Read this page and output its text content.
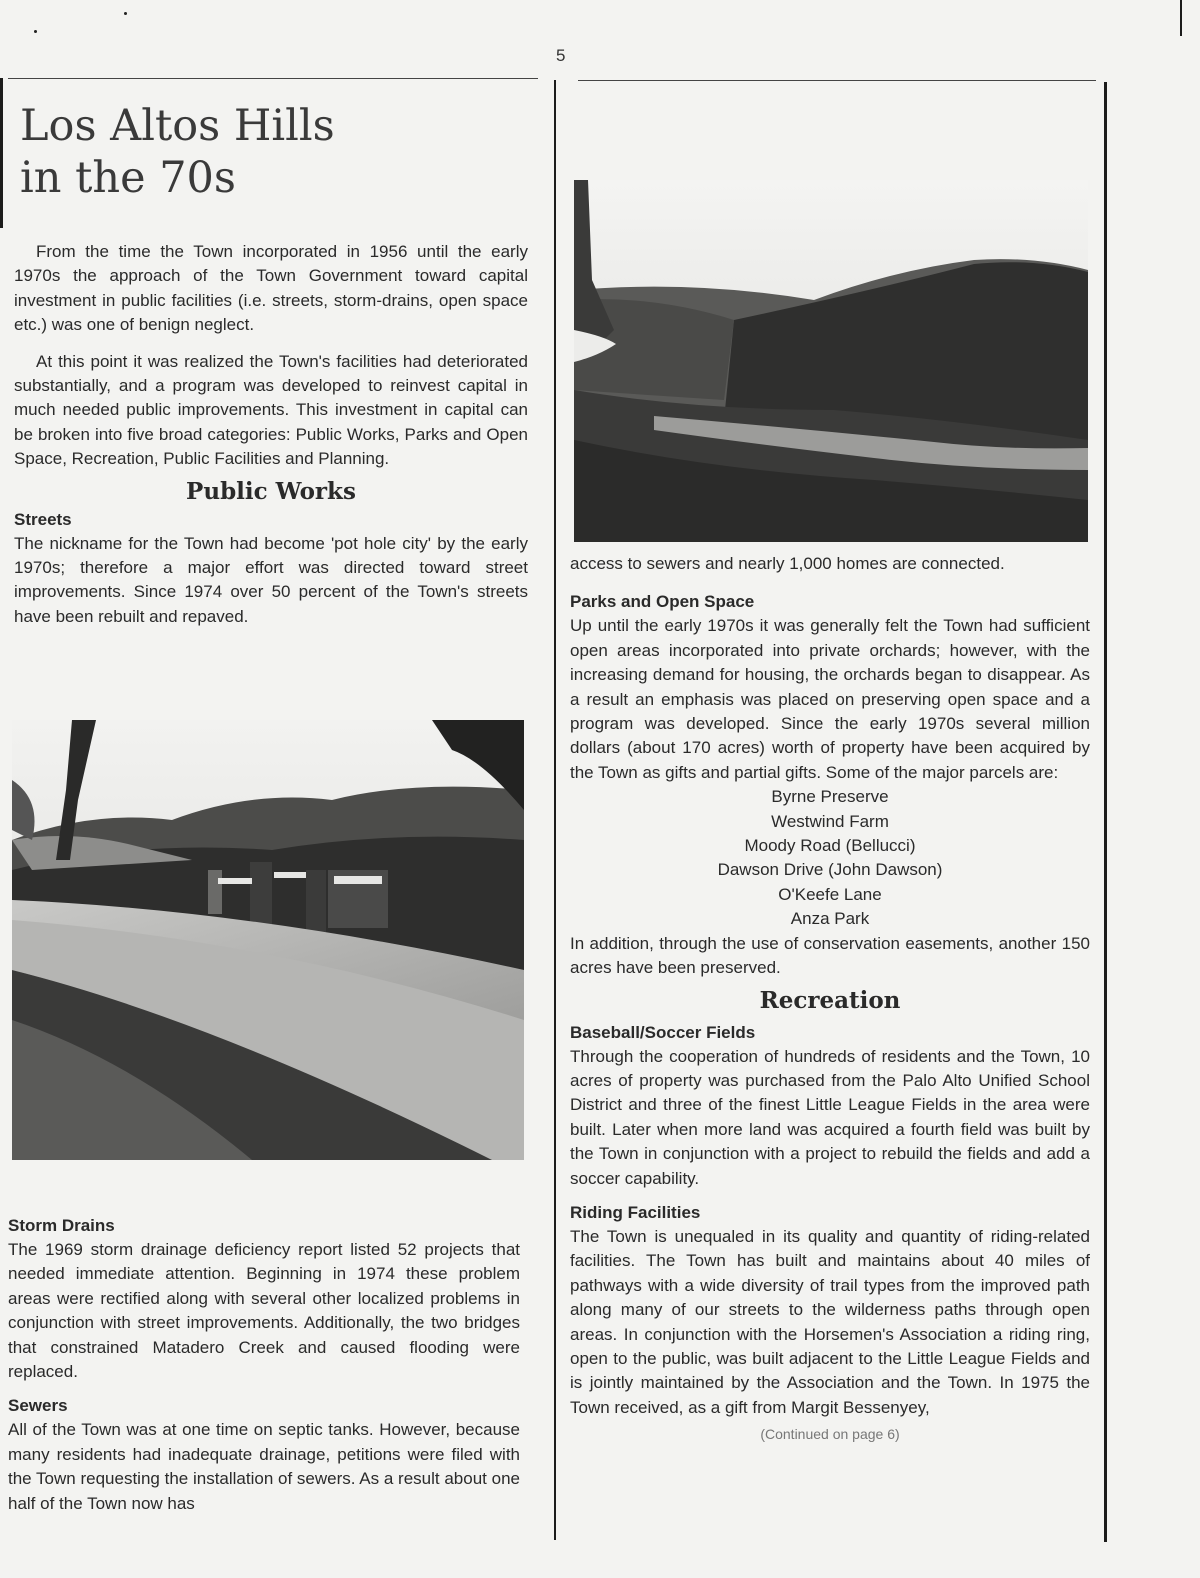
5
Los Altos Hills
in the 70s

From the time the Town incorporated in 1956 until the early 1970s the approach of the Town Government toward capital investment in public facilities (i.e. streets, storm-drains, open space etc.) was one of benign neglect.

At this point it was realized the Town's facilities had deteriorated substantially, and a program was developed to reinvest capital in much needed public improvements. This investment in capital can be broken into five broad categories: Public Works, Parks and Open Space, Recreation, Public Facilities and Planning.

Public Works
Streets

The nickname for the Town had become 'pot hole city' by the early 1970s; therefore a major effort was directed toward street improvements. Since 1974 over 50 percent of the Town's streets have been rebuilt and repaved.

Storm Drains

The 1969 storm drainage deficiency report listed 52 projects that needed immediate attention. Beginning in 1974 these problem areas were rectified along with several other localized problems in conjunction with street improvements. Additionally, the two bridges that constrained Matadero Creek and caused flooding were replaced.

Sewers

All of the Town was at one time on septic tanks. However, because many residents had inadequate drainage, petitions were filed with the Town requesting the installation of sewers. As a result about one half of the Town now has

access to sewers and nearly 1,000 homes are connected.

Parks and Open Space

Up until the early 1970s it was generally felt the Town had sufficient open areas incorporated into private orchards; however, with the increasing demand for housing, the orchards began to disappear. As a result an emphasis was placed on preserving open space and a program was developed. Since the early 1970s several million dollars (about 170 acres) worth of property have been acquired by the Town as gifts and partial gifts. Some of the major parcels are:

Byrne Preserve
Westwind Farm
Moody Road (Bellucci)
Dawson Drive (John Dawson)
O'Keefe Lane
Anza Park

In addition, through the use of conservation easements, another 150 acres have been preserved.

Recreation
Baseball/Soccer Fields

Through the cooperation of hundreds of residents and the Town, 10 acres of property was purchased from the Palo Alto Unified School District and three of the finest Little League Fields in the area were built. Later when more land was acquired a fourth field was built by the Town in conjunction with a project to rebuild the fields and add a soccer capability.

Riding Facilities

The Town is unequaled in its quality and quantity of riding-related facilities. The Town has built and maintains about 40 miles of pathways with a wide diversity of trail types from the improved path along many of our streets to the wilderness paths through open areas. In conjunction with the Horsemen's Association a riding ring, open to the public, was built adjacent to the Little League Fields and is jointly maintained by the Association and the Town. In 1975 the Town received, as a gift from Margit Bessenyey,

(Continued on page 6)
